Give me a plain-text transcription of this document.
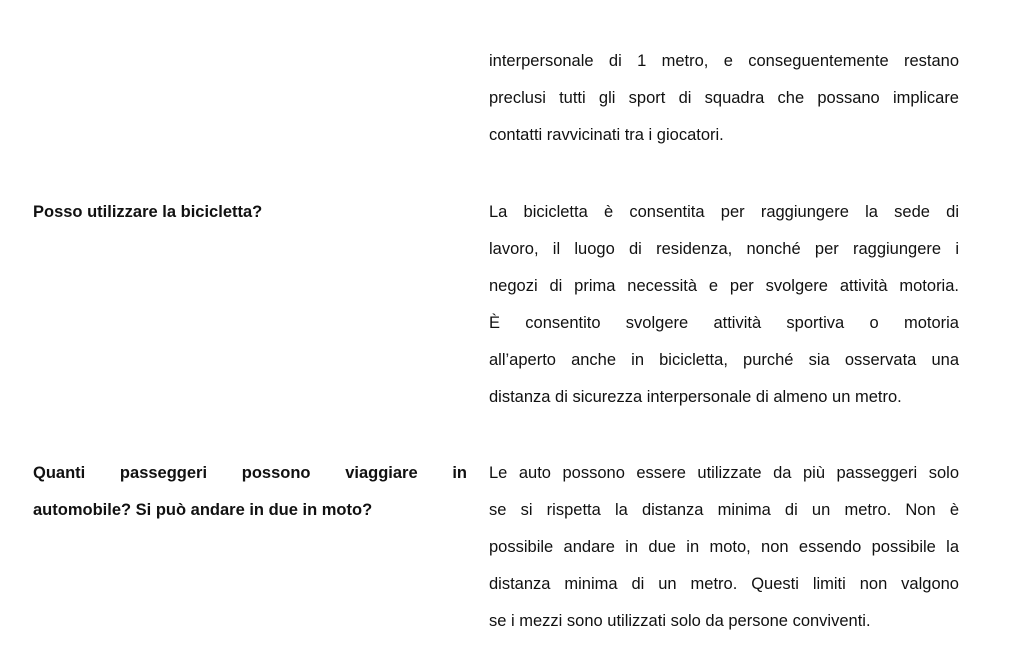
interpersonale di 1 metro, e conseguentemente restano
preclusi tutti gli sport di squadra che possano implicare
contatti ravvicinati tra i giocatori.
Posso utilizzare la bicicletta?	La bicicletta è consentita per raggiungere la sede di
lavoro, il luogo di residenza, nonché per raggiungere i
negozi di prima necessità e per svolgere attività motoria.
È consentito svolgere attività sportiva o motoria
all’aperto anche in bicicletta, purché sia osservata una
distanza di sicurezza interpersonale di almeno un metro.
Quanti passeggeri possono viaggiare in
automobile? Si può andare in due in moto?
Le auto possono essere utilizzate da più passeggeri solo
se si rispetta la distanza minima di un metro. Non è
possibile andare in due in moto, non essendo possibile la
distanza minima di un metro. Questi limiti non valgono
se i mezzi sono utilizzati solo da persone conviventi.
